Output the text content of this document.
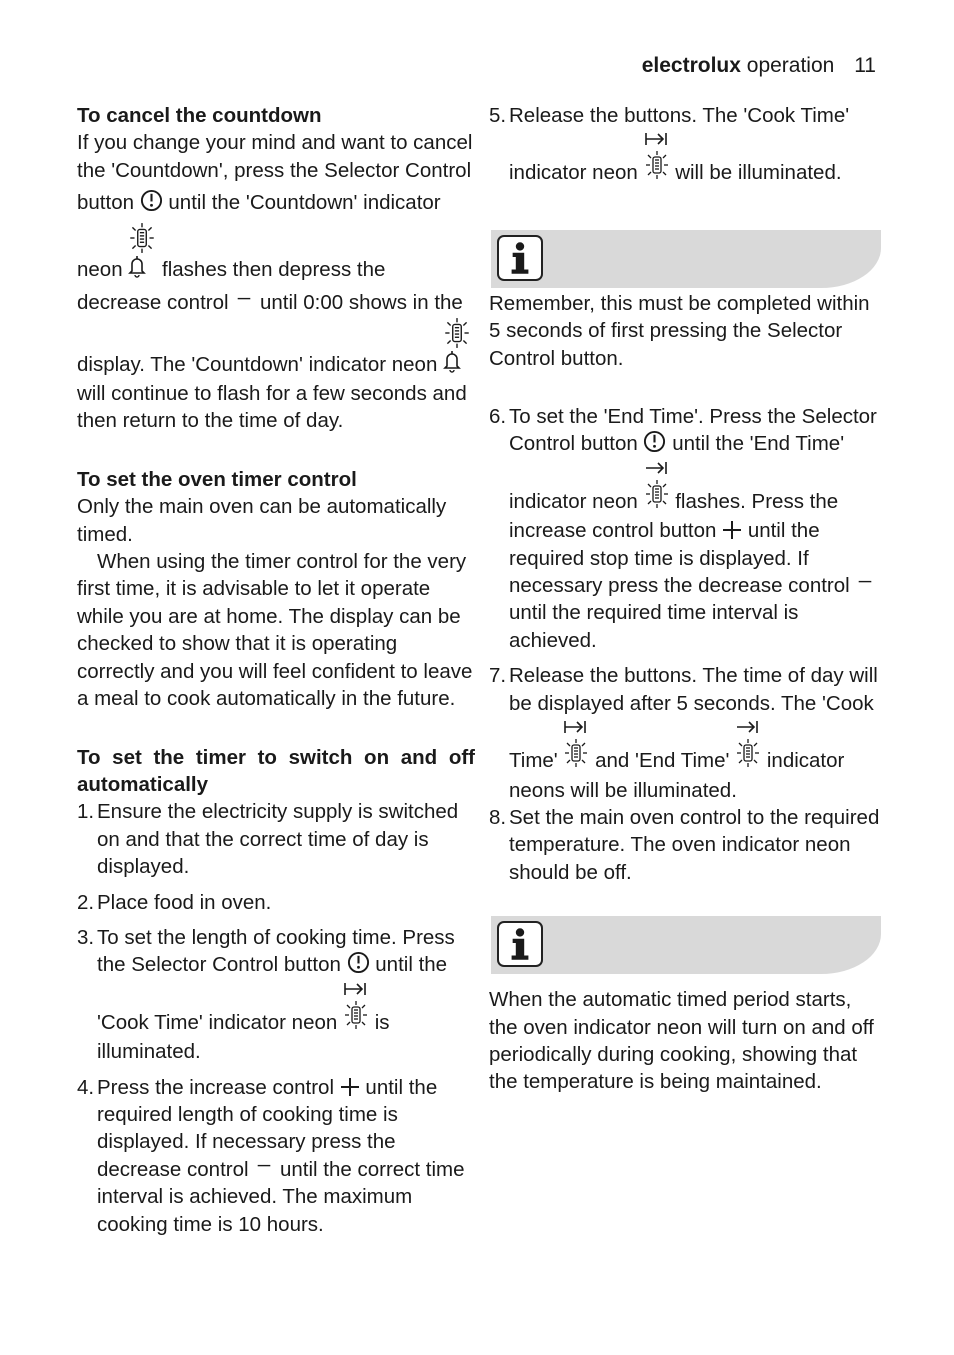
electrolux operation 11
To cancel the countdown

If you change your mind and want to cancel the 'Countdown', press the Selector Control button until the 'Countdown' indicator neon flashes then depress the decrease control until 0:00 shows in the display. The 'Countdown' indicator neon
will continue to flash for a few seconds and then return to the time of day.

To set the oven timer control

Only the main oven can be automatically timed.

When using the timer control for the very first time, it is advisable to let it operate while you are at home. The display can be checked to show that it is operating correctly and you will feel confident to leave a meal to cook automatically in the future.

To set the timer to switch on and off automatically
1. Ensure the electricity supply is switched on and that the correct time of day is displayed.
2. Place food in oven.
3. To set the length of cooking time. Press the Selector Control button until the 'Cook Time' indicator neon is illuminated.
4. Press the increase control until the required length of cooking time is displayed. If necessary press the decrease control until the correct time interval is achieved. The maximum cooking time is 10 hours.
5. Release the buttons. The 'Cook Time' indicator neon will be illuminated.

Remember, this must be completed within 5 seconds of first pressing the Selector Control button.

6. To set the 'End Time'. Press the Selector Control button until the 'End Time' indicator neon flashes. Press the increase control button until the required stop time is displayed. If necessary press the decrease control
until the required time interval is achieved.
7. Release the buttons. The time of day will be displayed after 5 seconds. The 'Cook Time' and 'End Time' indicator neons will be illuminated.
8. Set the main oven control to the required temperature. The oven indicator neon should be off.

When the automatic timed period starts, the oven indicator neon will turn on and off periodically during cooking, showing that the temperature is being maintained.
